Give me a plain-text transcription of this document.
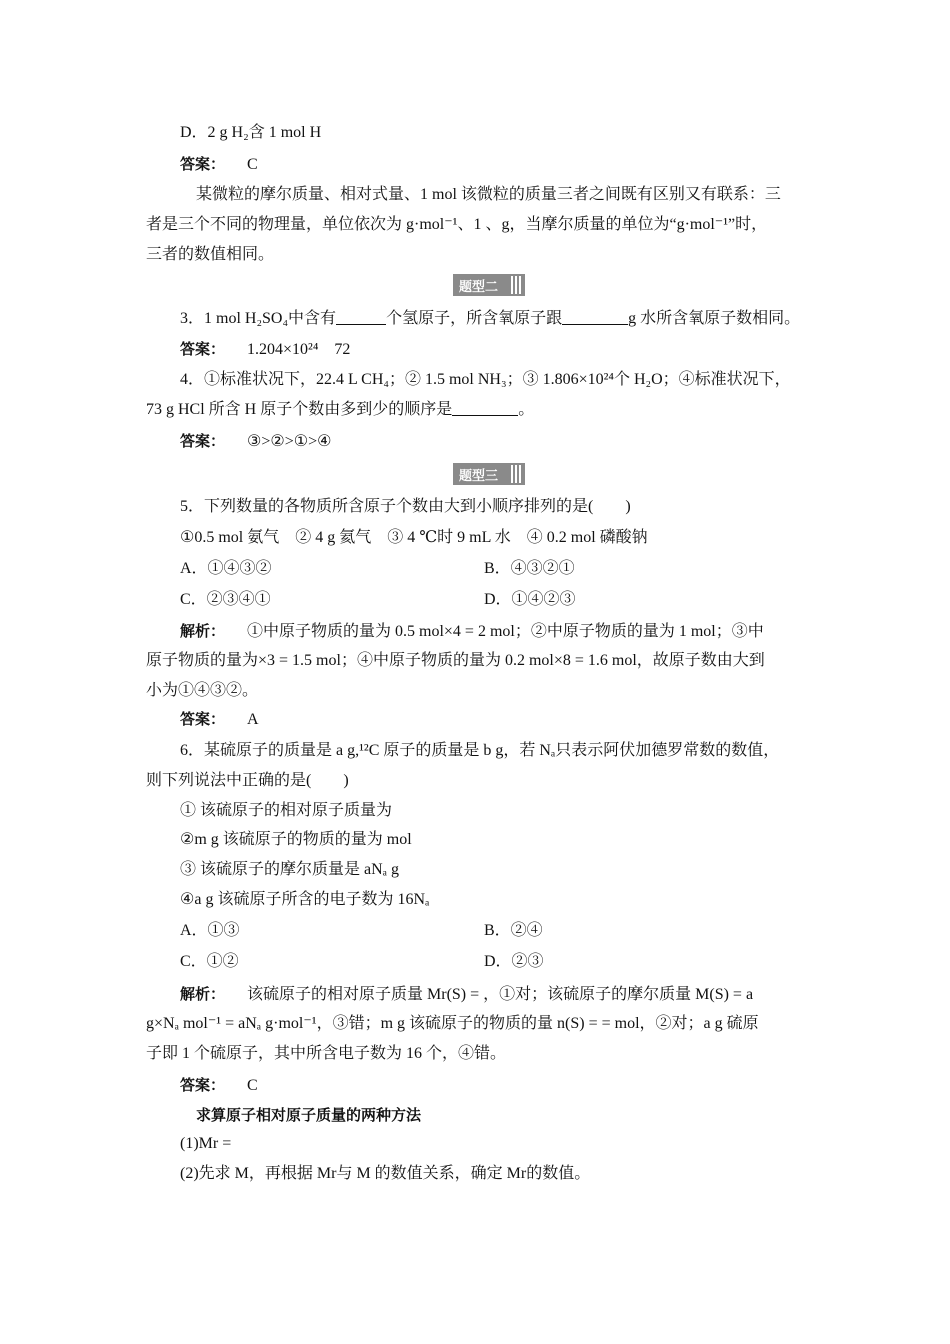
D．2 g H₂含 1 mol H
答案： C
某微粒的摩尔质量、相对式量、1 mol 该微粒的质量三者之间既有区别又有联系：三
者是三个不同的物理量，单位依次为 g·mol⁻¹、1 、g，当摩尔质量的单位为“g·mol⁻¹”时，
三者的数值相同。
题型二
3．1 mol H₂SO₄中含有	个氢原子，所含氧原子跟	g 水所含氧原子数相同。
答案： 1.204×10²⁴　72
4．①标准状况下，22.4 L CH₄；② 1.5 mol NH₃；③ 1.806×10²⁴个 H₂O；④标准状况下，
73 g HCl 所含 H 原子个数由多到少的顺序是	。
答案： ③>②>①>④
题型三
5．下列数量的各物质所含原子个数由大到小顺序排列的是(　　)
①0.5 mol 氨气　② 4 g 氦气　③ 4 ℃时 9 mL 水　④ 0.2 mol 磷酸钠
A．①④③②	B．④③②①
C．②③④①	D．①④②③
解析： ①中原子物质的量为 0.5 mol×4 = 2 mol；②中原子物质的量为 1 mol；③中
原子物质的量为×3 = 1.5 mol；④中原子物质的量为 0.2 mol×8 = 1.6 mol，故原子数由大到
小为①④③②。
答案： A
6．某硫原子的质量是 a g,¹²C 原子的质量是 b g，若 Nₐ只表示阿伏加德罗常数的数值，
则下列说法中正确的是(　　)
① 该硫原子的相对原子质量为
②m g 该硫原子的物质的量为 mol
③ 该硫原子的摩尔质量是 aNₐ g
④a g 该硫原子所含的电子数为 16Nₐ
A．①③	B．②④
C．①②	D．②③
解析： 该硫原子的相对原子质量 Mr(S) = ，①对；该硫原子的摩尔质量 M(S) = a
g×Nₐ mol⁻¹ = aNₐ g·mol⁻¹，③错；m g 该硫原子的物质的量 n(S) = = mol，②对；a g 硫原
子即 1 个硫原子，其中所含电子数为 16 个，④错。
答案： C
求算原子相对原子质量的两种方法
(1)Mr =
(2)先求 M，再根据 Mr与 M 的数值关系，确定 Mr的数值。
